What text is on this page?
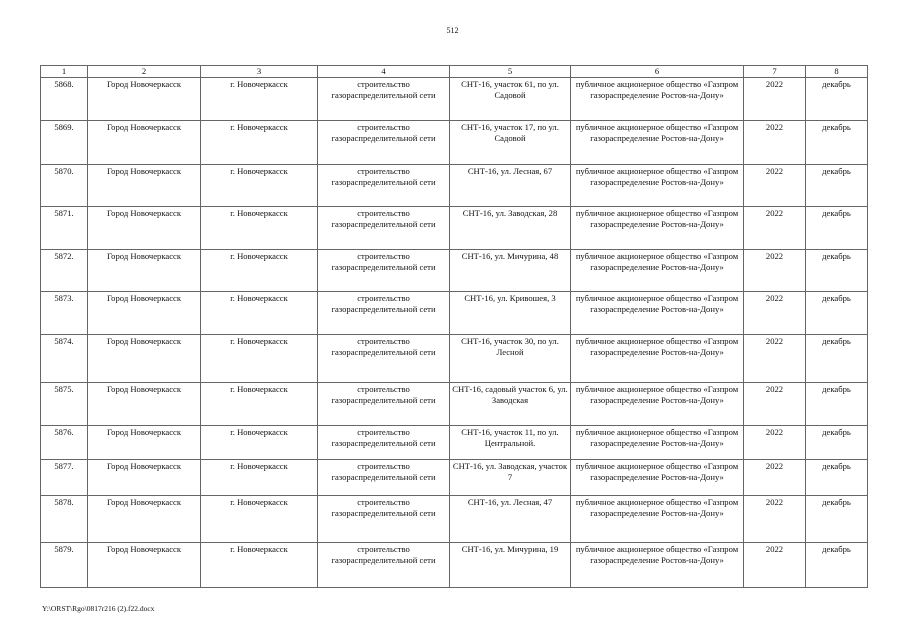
512
1	2	3	4	5	6	7	8
5868.	Город Новочеркасск	г. Новочеркасск	строительство газораспределительной сети	СНТ-16, участок 61, по ул. Садовой	публичное акционерное общество «Газпром газораспределение Ростов-на-Дону»	2022	декабрь
5869.	Город Новочеркасск	г. Новочеркасск	строительство газораспределительной сети	СНТ-16, участок 17, по ул. Садовой	публичное акционерное общество «Газпром газораспределение Ростов-на-Дону»	2022	декабрь
5870.	Город Новочеркасск	г. Новочеркасск	строительство газораспределительной сети	СНТ-16, ул. Лесная, 67	публичное акционерное общество «Газпром газораспределение Ростов-на-Дону»	2022	декабрь
5871.	Город Новочеркасск	г. Новочеркасск	строительство газораспределительной сети	СНТ-16, ул. Заводская, 28	публичное акционерное общество «Газпром газораспределение Ростов-на-Дону»	2022	декабрь
5872.	Город Новочеркасск	г. Новочеркасск	строительство газораспределительной сети	СНТ-16, ул. Мичурина, 48	публичное акционерное общество «Газпром газораспределение Ростов-на-Дону»	2022	декабрь
5873.	Город Новочеркасск	г. Новочеркасск	строительство газораспределительной сети	СНТ-16, ул. Кривошея, 3	публичное акционерное общество «Газпром газораспределение Ростов-на-Дону»	2022	декабрь
5874.	Город Новочеркасск	г. Новочеркасск	строительство газораспределительной сети	СНТ-16, участок 30, по ул. Лесной	публичное акционерное общество «Газпром газораспределение Ростов-на-Дону»	2022	декабрь
5875.	Город Новочеркасск	г. Новочеркасск	строительство газораспределительной сети	СНТ-16, садовый участок 6, ул. Заводская	публичное акционерное общество «Газпром газораспределение Ростов-на-Дону»	2022	декабрь
5876.	Город Новочеркасск	г. Новочеркасск	строительство газораспределительной сети	СНТ-16, участок 11, по ул. Центральной.	публичное акционерное общество «Газпром газораспределение Ростов-на-Дону»	2022	декабрь
5877.	Город Новочеркасск	г. Новочеркасск	строительство газораспределительной сети	СНТ-16, ул. Заводская, участок 7	публичное акционерное общество «Газпром газораспределение Ростов-на-Дону»	2022	декабрь
5878.	Город Новочеркасск	г. Новочеркасск	строительство газораспределительной сети	СНТ-16, ул. Лесная, 47	публичное акционерное общество «Газпром газораспределение Ростов-на-Дону»	2022	декабрь
5879.	Город Новочеркасск	г. Новочеркасск	строительство газораспределительной сети	СНТ-16, ул. Мичурина, 19	публичное акционерное общество «Газпром газораспределение Ростов-на-Дону»	2022	декабрь
Y:\ORST\Rgo\0817r216 (2).f22.docx
